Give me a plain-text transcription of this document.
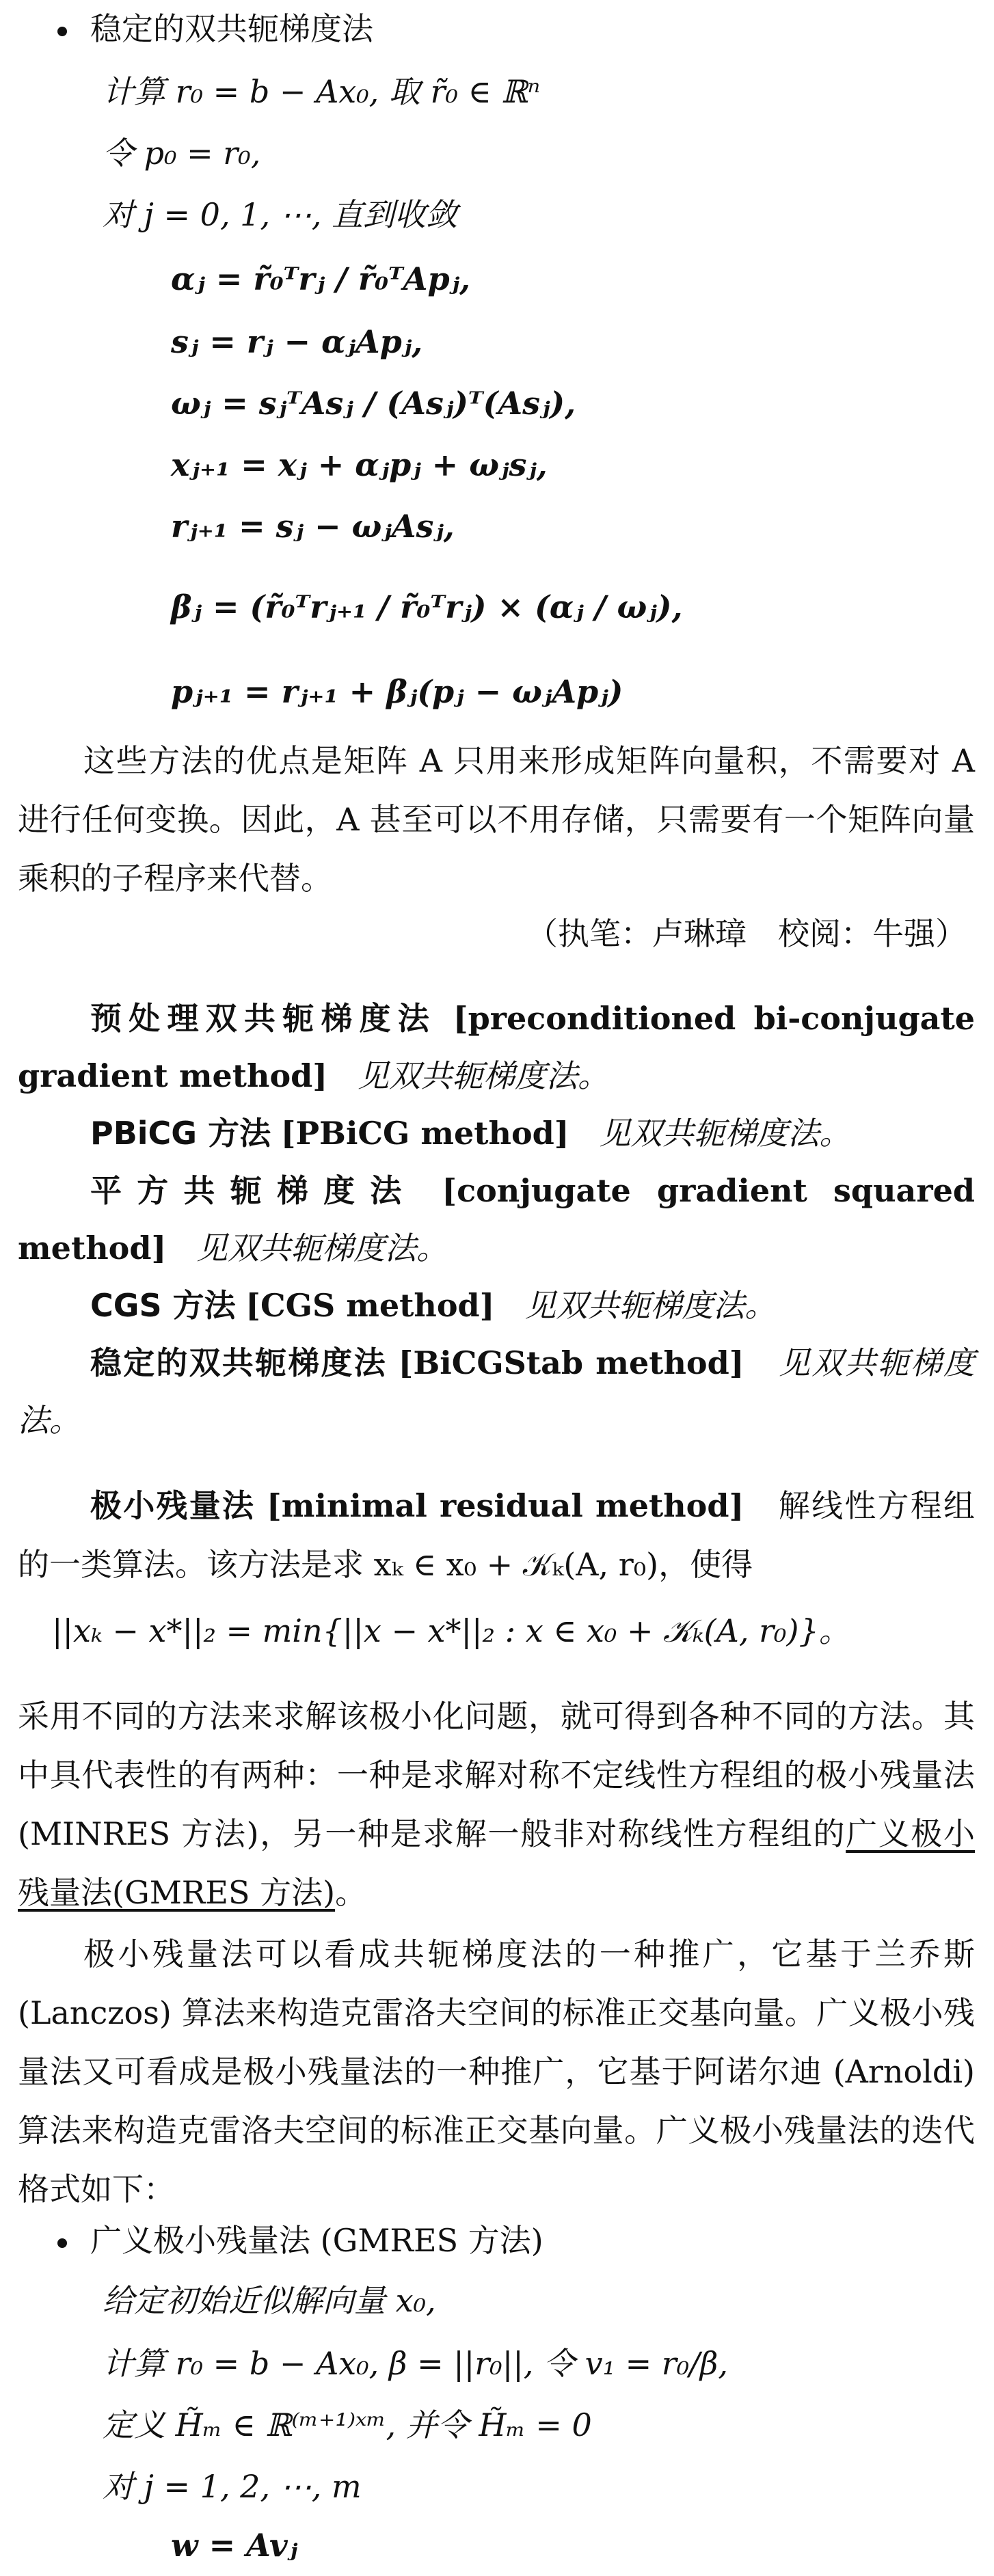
稳定的双共轭梯度法
计算 r₀ = b − Ax₀, 取 r̃₀ ∈ ℝⁿ
令 p₀ = r₀,
对 j = 0, 1, ⋯, 直到收敛
αⱼ = r̃₀ᵀrⱼ / r̃₀ᵀApⱼ,
sⱼ = rⱼ − αⱼApⱼ,
ωⱼ = sⱼᵀAsⱼ / (Asⱼ)ᵀ(Asⱼ),
xⱼ₊₁ = xⱼ + αⱼpⱼ + ωⱼsⱼ,
rⱼ₊₁ = sⱼ − ωⱼAsⱼ,
βⱼ = (r̃₀ᵀrⱼ₊₁ / r̃₀ᵀrⱼ) × (αⱼ / ωⱼ),
pⱼ₊₁ = rⱼ₊₁ + βⱼ(pⱼ − ωⱼApⱼ)
这些方法的优点是矩阵 A 只用来形成矩阵向量积，不需要对 A 进行任何变换。因此，A 甚至可以不用存储，只需要有一个矩阵向量乘积的子程序来代替。
（执笔：卢琳璋　校阅：牛强）
预处理双共轭梯度法 [preconditioned bi-conjugate gradient method] 见双共轭梯度法。
PBiCG 方法 [PBiCG method] 见双共轭梯度法。
平方共轭梯度法 [conjugate gradient squared method] 见双共轭梯度法。
CGS 方法 [CGS method] 见双共轭梯度法。
稳定的双共轭梯度法 [BiCGStab method] 见双共轭梯度法。
极小残量法 [minimal residual method] 解线性方程组的一类算法。该方法是求 xₖ ∈ x₀ + 𝒦ₖ(A, r₀)，使得
||xₖ − x*||₂ = min{||x − x*||₂ : x ∈ x₀ + 𝒦ₖ(A, r₀)}。
采用不同的方法来求解该极小化问题，就可得到各种不同的方法。其中具代表性的有两种：一种是求解对称不定线性方程组的极小残量法 (MINRES 方法)，另一种是求解一般非对称线性方程组的广义极小残量法(GMRES 方法)。
极小残量法可以看成共轭梯度法的一种推广，它基于兰乔斯 (Lanczos) 算法来构造克雷洛夫空间的标准正交基向量。广义极小残量法又可看成是极小残量法的一种推广，它基于阿诺尔迪 (Arnoldi) 算法来构造克雷洛夫空间的标准正交基向量。广义极小残量法的迭代格式如下：
广义极小残量法 (GMRES 方法)
给定初始近似解向量 x₀,
计算 r₀ = b − Ax₀, β = ||r₀||, 令 v₁ = r₀/β,
定义 H̃ₘ ∈ ℝ⁽ᵐ⁺¹⁾ˣᵐ, 并令 H̃ₘ = 0
对 j = 1, 2, ⋯, m
w = Avⱼ
